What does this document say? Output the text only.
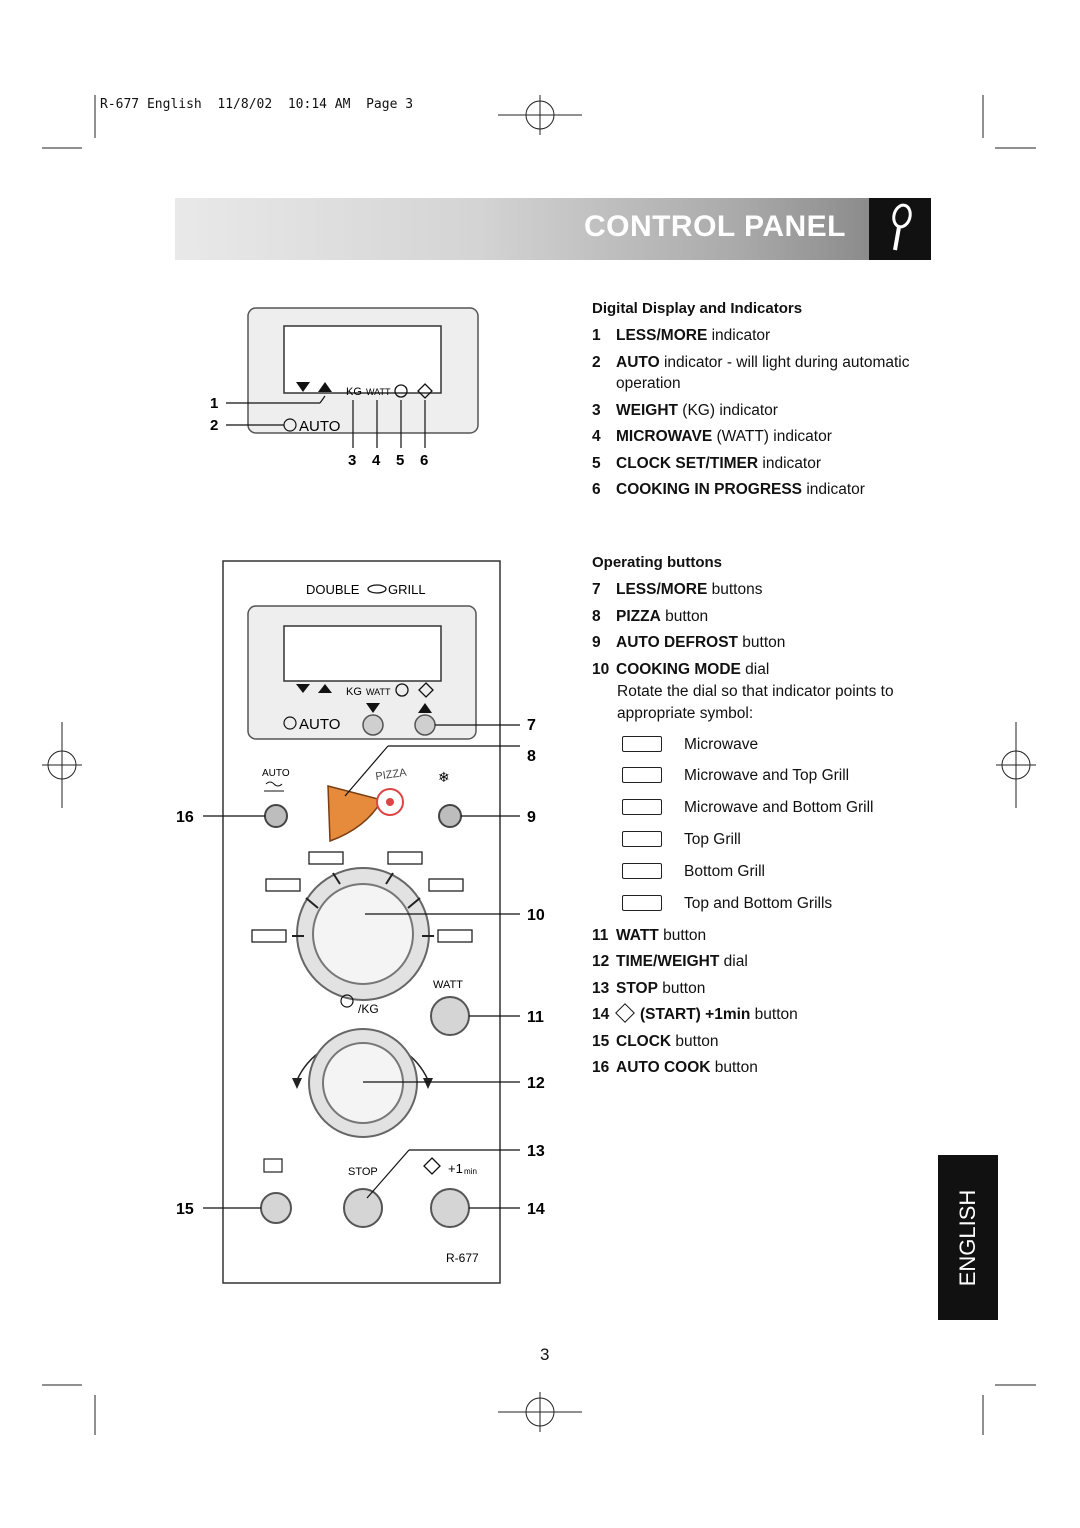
R-677 English  11/8/02  10:14 AM  Page 3
CONTROL PANEL
KG WATT
AUTO
1
2
3 4 5 6
DOUBLE GRILL
KG WATT
AUTO
AUTO	PIZZA ❄
WATT
/KG
STOP	+1 min
R-677
7
8
9
10
11
12
13
14
16
15
Digital Display and Indicators
1 LESS/MORE indicator
2 AUTO indicator - will light during automatic
operation
3 WEIGHT (KG) indicator
4 MICROWAVE (WATT) indicator
5 CLOCK SET/TIMER indicator
6 COOKING IN PROGRESS indicator
Operating buttons
7 LESS/MORE buttons
8 PIZZA button
9 AUTO DEFROST button
10 COOKING MODE dial
Rotate the dial so that indicator points to
appropriate symbol:
Microwave
Microwave and Top Grill
Microwave and Bottom Grill
Top Grill
Bottom Grill
Top and Bottom Grills
11 WATT button
12 TIME/WEIGHT dial
13 STOP button
14 (START) +1min button
15 CLOCK button
16 AUTO COOK button
ENGLISH
3
